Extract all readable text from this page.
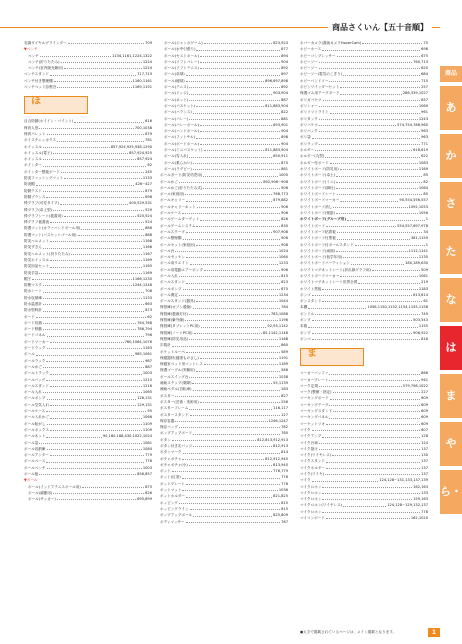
商品さくいん【五十音順】
変調ダイヤルグラインダー	709
▼ベンチ
ベンチ	1134,1161,1224,1322
ベンチ(折りたたみ)	1224
ベンチ(室内販売兼用)	1224
ベンチスタンド	717,713
ベンチ付き整理棚	1160,1161
ベンチベッド診察台	1169,1191
ほ
目合防錆(ホイイン・パイント)	616
保育人形	700,1038
保育パレット	879
ボイスチェッカクス	781
ホイッスル	857,924,925,938,1290
ホイッスル(電子)	857,924,925
ホイッスル	857,924
ボインター	62
ボインター整板ボード	245
防炎ファッシングマット	1133
防炎帽	426~427
防錆テスト	879
防錆ブランス	698
棒グラフ(可変タイプ)	400,529,531
棒グラフ(卓上型)	529
棒グラフシート(板書用)	520,524
棒グラフ板書表	524
防護マット(カラーハンドボール用)	886
防護マット(バスケットゴール用)	886
防災ヘルメット	1168
防災ずきん	1166
防災ヘルメット(折りたたみ)	1167
防災ホイッスル	1169
防災用品セット	1165
防炎手袋	1169
帽子	1166,1230
防塵マスク	1244,1248
防水シート	708
防水収納庫	1133
防水温度計	663
防水型時計	873
ボード	62
ボード収納	764,768
ボード移動	786,794
ボードパネル	796
ボードマーカー	760,1064,1076
ボードラック	1163
ボール	985,1061
ボールラック	987
ボールかご	887
ボールトラック	1003
ボールバッグ	1215
ボールスタンド	1216
ボール入れ	1065
ボールポンプ	126,131
ボール空気入れ	129,131
ボールケース	95
ボール入れかご	1066
ボール転がし	1109
ボールボックス	1109
ボールネット	90,180,188,430,1022,1024
ボール袋	1081
ボール収納庫	1084
ボールアンダー	779
ボールベース	778
ボールベンチ	1003
ボール板	856,857
▼ボール
ボール(インドアテニスボール用)	875
ボール(調節用)	826
ボール(サッカー)	895,899
ボール(ジャンボゲーム)	823,923
ボール(水中引張り)	877
ボール(セストボール)	894
ボール(ソフトバレー)	904
ボール(ソフトテニス)	892
ボール(卓球)	897
ボール(硬球)	896,897,898
ボール(テニス)	892
ボール(ドッジ)	903,904
ボール(ネット)	887
ボール(バスケット)	811,883,904
ボール(バランス)	822
ボール(バレー)	881
ボール(バレーボール)	893,901
ボール(ハンドボール)	904
ボール(フットサル)	898
ボール(ボードボール)	904
ボール(ミニバスケット)	811,883,904
ボール(雪入れ)	850,911
ボール(柔らかい)	870
ボール(ラグビー)	881
ボールガード(防災幼児用)	1005
ボールかご	892,906~908
ボールかご(折りたたみ式)	906
ボール(家庭用)	768,773
ボールキャリー	879,882
ボールキャリーネット	906
ボールケース	906
ボールゲームターゲット	826
ボールゲームシステム	830
ボールスクープ	907,908
ボール整理棚	906
ボールセット(家庭用)	908
ボール台	1024
ボールゼッケン	1060
ボール用ウエイト	1233
ボール用電動エアーポンプ	906
ボール入れ	815
ボールスタンド	823
ボールポンプ	875
ボール測定	1234
ボールスタンド(器具)	1044
保管庫(オゾン殺菌)	784
保管庫(殺菌灯付)	783,1088
保管庫(紫外線)	1196
保管庫(タブレットPC用)	92,93,1142
保管庫(ノートPC用)	85,1142,1148
保管庫(防災用品)	1168
歩数計	860
ポケットルーペ	589
保健器材(健康ものさし)	1191
保健室ベッド用マットレス	1189
保護ゴーグル(実験用)	586
ボールスイング台	1038
補助ステップ(乗降)	55,1139
補助ペダル(自転車)	183
ポスター	827
ポスター(芸術・美術用)	256
ポスターフレーム	116,117
ポスタースタンド	127
保存容器	1246,1247
保存バッグ	782
ポップアップボード	780
ボタン	812,813,912,913
ボタン付き缶バッジ	812,913
ポタンマーク	814
ポチャポチャ	812,912,945
ポチャポチャ(小)	813,945
ポット	776,779
ポット(紅茶)	776
ポットプレート	778
ポットマット	1036
ポットホルダー	821,825
ホッピング	815
ホッピングライン	815
ポップアップボール	825,809
ボディマッサー	767
ホバーカメラ(書画カメラHoverCam)	75
ホビーホース	698
ホビーコンプレッサー	675
ホビーソー	760,713
ホビーソー	620
ホビーソー(電気のこぎり)	684
ホビーバンドソー	715
ボビンワインダーセット	257
保護ゴム用テープボード	286,339,1027
ポリガバケツ	857
ポリシャー	1069
ポリソリトライト	961
ポリタンク	1243
ポリバケツ	574,754,786,960
ポリパック	963
ポリ袋	963
ポリラップ	771
ホルダー	618,619
ホルダー(丸型)	622
ホルダー付ボード	1083
ホワイトボード(防災用)	1169
ホワイトボード(卓上)	85
ホワイトボード(ミニ)	82
ホワイトボード(脚付)	1064
ホワイトボードシート	85
ホワイトボードマーカー	90,554,556,557
ホワイトボード消し	1092,1053
ホワイトボード(壁掛)	1056
ホワイトボード(グループ用)	1
ホワイトボード	554,557,697,978
ホワイトボード粘着板	34
ホワイトボード付黒板	381,1159
ホワイトボード付ボールスタンド	1
ホワイトボード(両面)	1112,1141
ホワイトボード(低学年用)	1135
ホワイトボードパーティション	180,189,630
ホワイトマグネットシート(折れ線グラフ用)	509
ホワイトボードマーカー	1061
ホワイトマグネットシート世界全図	219
ホワイト黒板	1183
ボンゴ	613,614
ポンスタンド	61
本棚	1056,1150,1152,1154,1155,1158
ボンドル	749
ポンプ	503,543
本箱	1155
ポンプ	908,922
ボンベ	816
ま
マーカーバッファ	866
マーカープレート	941
マーク定規	579,798,1022
マーク(整頓・指定)	227
マーキングボード	609
マーキングテープ	609
マーキングスタンド	609
マーキングパネル	609
マーケットリオ	609
マイク	607
マイクアンプ	128
マイク台車	124
マイク掛け	137
マイク(ワイヤレス)	130
マイクスタンド	137
マイクホルダー	137
マイク(ワイヤ)	137
マイク	124,128~131,133,137,139
マイクロホン	162,163
マイクロホン	133
マイクロホン	159,163
マイクロホン(ワイヤレス)	124,128~129,132,137
マイクロホン	778
マイコンボード	162,1020
商品
あ
か
さ
た
な
は
ま
や
ら・わ
●太字で掲載されているページは、メイン掲載となります。	1
